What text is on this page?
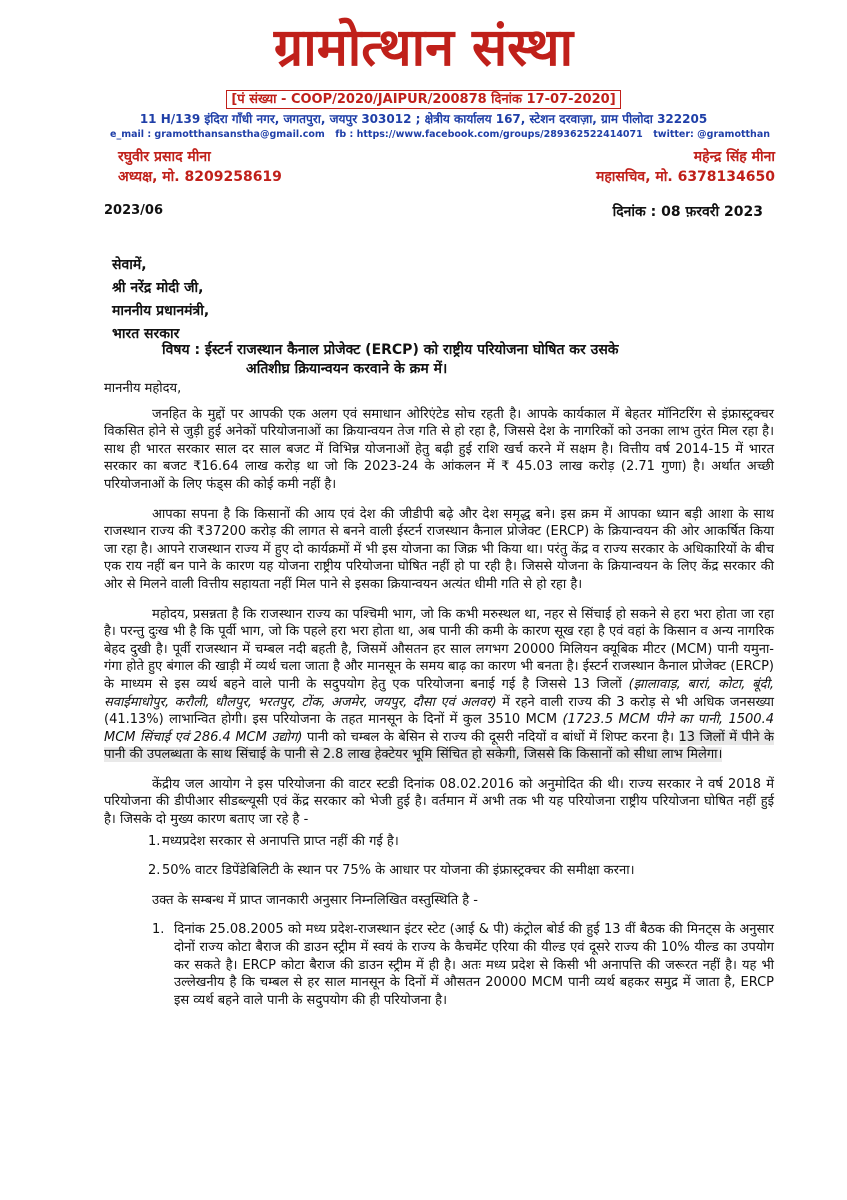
ग्रामोत्थान संस्था
[पं संख्या - COOP/2020/JAIPUR/200878 दिनांक 17-07-2020]
11 H/139 इंदिरा गाँधी नगर, जगतपुरा, जयपुर 303012 ; क्षेत्रीय कार्यालय 167, स्टेशन दरवाज़ा, ग्राम पीलोदा 322205
e_mail : gramotthansanstha@gmail.com fb : https://www.facebook.com/groups/289362522414071 twitter: @gramotthan
रघुवीर प्रसाद मीना
अध्यक्ष, मो. 8209258619
महेन्द्र सिंह मीना
महासचिव, मो. 6378134650
2023/06	दिनांक : 08 फ़रवरी 2023
सेवामें,
श्री नरेंद्र मोदी जी,
माननीय प्रधानमंत्री,
भारत सरकार
विषय : ईस्टर्न राजस्थान कैनाल प्रोजेक्ट (ERCP) को राष्ट्रीय परियोजना घोषित कर उसके
अतिशीघ्र क्रियान्वयन करवाने के क्रम में।

माननीय महोदय,

जनहित के मुद्दों पर आपकी एक अलग एवं समाधान ओरिएंटेड सोच रहती है। आपके कार्यकाल में बेहतर मॉनिटरिंग से इंफ्रास्ट्रक्चर विकसित होने से जुड़ी हुई अनेकों परियोजनाओं का क्रियान्वयन तेज गति से हो रहा है, जिससे देश के नागरिकों को उनका लाभ तुरंत मिल रहा है। साथ ही भारत सरकार साल दर साल बजट में विभिन्न योजनाओं हेतु बढ़ी हुई राशि खर्च करने में सक्षम है। वित्तीय वर्ष 2014-15 में भारत सरकार का बजट ₹16.64 लाख करोड़ था जो कि 2023-24 के आंकलन में ₹ 45.03 लाख करोड़ (2.71 गुणा) है। अर्थात अच्छी परियोजनाओं के लिए फंड्स की कोई कमी नहीं है।

आपका सपना है कि किसानों की आय एवं देश की जीडीपी बढ़े और देश समृद्ध बने। इस क्रम में आपका ध्यान बड़ी आशा के साथ राजस्थान राज्य की ₹37200 करोड़ की लागत से बनने वाली ईस्टर्न राजस्थान कैनाल प्रोजेक्ट (ERCP) के क्रियान्वयन की ओर आकर्षित किया जा रहा है। आपने राजस्थान राज्य में हुए दो कार्यक्रमों में भी इस योजना का जिक्र भी किया था। परंतु केंद्र व राज्य सरकार के अधिकारियों के बीच एक राय नहीं बन पाने के कारण यह योजना राष्ट्रीय परियोजना घोषित नहीं हो पा रही है। जिससे योजना के क्रियान्वयन के लिए केंद्र सरकार की ओर से मिलने वाली वित्तीय सहायता नहीं मिल पाने से इसका क्रियान्वयन अत्यंत धीमी गति से हो रहा है।

महोदय, प्रसन्नता है कि राजस्थान राज्य का पश्चिमी भाग, जो कि कभी मरुस्थल था, नहर से सिंचाई हो सकने से हरा भरा होता जा रहा है। परन्तु दुःख भी है कि पूर्वी भाग, जो कि पहले हरा भरा होता था, अब पानी की कमी के कारण सूख रहा है एवं वहां के किसान व अन्य नागरिक बेहद दुखी है। पूर्वी राजस्थान में चम्बल नदी बहती है, जिसमें औसतन हर साल लगभग 20000 मिलियन क्यूबिक मीटर (MCM) पानी यमुना-गंगा होते हुए बंगाल की खाड़ी में व्यर्थ चला जाता है और मानसून के समय बाढ़ का कारण भी बनता है। ईस्टर्न राजस्थान कैनाल प्रोजेक्ट (ERCP) के माध्यम से इस व्यर्थ बहने वाले पानी के सदुपयोग हेतु एक परियोजना बनाई गई है जिससे 13 जिलों (झालावाड़, बारां, कोटा, बूंदी, सवाईमाधोपुर, करौली, धौलपुर, भरतपुर, टोंक, अजमेर, जयपुर, दौसा एवं अलवर) में रहने वाली राज्य की 3 करोड़ से भी अधिक जनसख्या (41.13%) लाभान्वित होगी। इस परियोजना के तहत मानसून के दिनों में कुल 3510 MCM (1723.5 MCM पीने का पानी, 1500.4 MCM सिंचाई एवं 286.4 MCM उद्योग) पानी को चम्बल के बेसिन से राज्य की दूसरी नदियों व बांधों में शिफ्ट करना है। 13 जिलों में पीने के पानी की उपलब्धता के साथ सिंचाई के पानी से 2.8 लाख हेक्टेयर भूमि सिंचित हो सकेगी, जिससे कि किसानों को सीधा लाभ मिलेगा।

केंद्रीय जल आयोग ने इस परियोजना की वाटर स्टडी दिनांक 08.02.2016 को अनुमोदित की थी। राज्य सरकार ने वर्ष 2018 में परियोजना की डीपीआर सीडब्ल्यूसी एवं केंद्र सरकार को भेजी हुई है। वर्तमान में अभी तक भी यह परियोजना राष्ट्रीय परियोजना घोषित नहीं हुई है। जिसके दो मुख्य कारण बताए जा रहे है -

1. मध्यप्रदेश सरकार से अनापत्ति प्राप्त नहीं की गई है।
2. 50% वाटर डिपेंडेबिलिटी के स्थान पर 75% के आधार पर योजना की इंफ्रास्ट्रक्चर की समीक्षा करना।

उक्त के सम्बन्ध में प्राप्त जानकारी अनुसार निम्नलिखित वस्तुस्थिति है -

1. दिनांक 25.08.2005 को मध्य प्रदेश-राजस्थान इंटर स्टेट (आई & पी) कंट्रोल बोर्ड की हुई 13 वीं बैठक की मिनट्स के अनुसार दोनों राज्य कोटा बैराज की डाउन स्ट्रीम में स्वयं के राज्य के कैचमेंट एरिया की यील्ड एवं दूसरे राज्य की 10% यील्ड का उपयोग कर सकते है। ERCP कोटा बैराज की डाउन स्ट्रीम में ही है। अतः मध्य प्रदेश से किसी भी अनापत्ति की जरूरत नहीं है। यह भी उल्लेखनीय है कि चम्बल से हर साल मानसून के दिनों में औसतन 20000 MCM पानी व्यर्थ बहकर समुद्र में जाता है, ERCP इस व्यर्थ बहने वाले पानी के सदुपयोग की ही परियोजना है।
